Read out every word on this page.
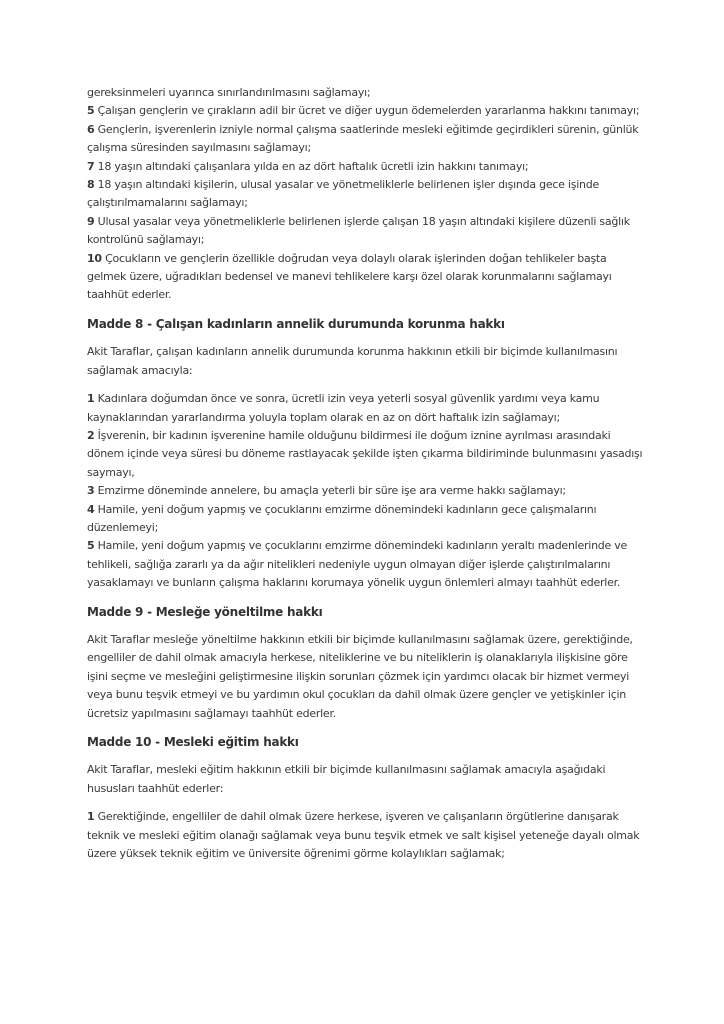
gereksinmeleri uyarınca sınırlandırılmasını sağlamayı;
5 Çalışan gençlerin ve çırakların adil bir ücret ve diğer uygun ödemelerden yararlanma hakkını tanımayı;
6 Gençlerin, işverenlerin izniyle normal çalışma saatlerinde mesleki eğitimde geçirdikleri sürenin, günlük çalışma süresinden sayılmasını sağlamayı;
7 18 yaşın altındaki çalışanlara yılda en az dört haftalık ücretli izin hakkını tanımayı;
8 18 yaşın altındaki kişilerin, ulusal yasalar ve yönetmeliklerle belirlenen işler dışında gece işinde çalıştırılmamalarını sağlamayı;
9 Ulusal yasalar veya yönetmeliklerle belirlenen işlerde çalışan 18 yaşın altındaki kişilere düzenli sağlık kontrolünü sağlamayı;
10 Çocukların ve gençlerin özellikle doğrudan veya dolaylı olarak işlerinden doğan tehlikeler başta gelmek üzere, uğradıkları bedensel ve manevi tehlikelere karşı özel olarak korunmalarını sağlamayı taahhüt ederler.
Madde 8 - Çalışan kadınların annelik durumunda korunma hakkı

Akit Taraflar, çalışan kadınların annelik durumunda korunma hakkının etkili bir biçimde kullanılmasını sağlamak amacıyla:

1 Kadınlara doğumdan önce ve sonra, ücretli izin veya yeterli sosyal güvenlik yardımı veya kamu kaynaklarından yararlandırma yoluyla toplam olarak en az on dört haftalık izin sağlamayı;
2 İşverenin, bir kadının işverenine hamile olduğunu bildirmesi ile doğum iznine ayrılması arasındaki dönem içinde veya süresi bu döneme rastlayacak şekilde işten çıkarma bildiriminde bulunmasını yasadışı saymayı,
3 Emzirme döneminde annelere, bu amaçla yeterli bir süre işe ara verme hakkı sağlamayı;
4 Hamile, yeni doğum yapmış ve çocuklarını emzirme dönemindeki kadınların gece çalışmalarını düzenlemeyi;
5 Hamile, yeni doğum yapmış ve çocuklarını emzirme dönemindeki kadınların yeraltı madenlerinde ve tehlikeli, sağlığa zararlı ya da ağır nitelikleri nedeniyle uygun olmayan diğer işlerde çalıştırılmalarını yasaklamayı ve bunların çalışma haklarını korumaya yönelik uygun önlemleri almayı taahhüt ederler.
Madde 9 - Mesleğe yöneltilme hakkı

Akit Taraflar mesleğe yöneltilme hakkının etkili bir biçimde kullanılmasını sağlamak üzere, gerektiğinde, engelliler de dahil olmak amacıyla herkese, niteliklerine ve bu niteliklerin iş olanaklarıyla ilişkisine göre işini seçme ve mesleğini geliştirmesine ilişkin sorunları çözmek için yardımcı olacak bir hizmet vermeyi veya bunu teşvik etmeyi ve bu yardımın okul çocukları da dahil olmak üzere gençler ve yetişkinler için ücretsiz yapılmasını sağlamayı taahhüt ederler.

Madde 10 - Mesleki eğitim hakkı

Akit Taraflar, mesleki eğitim hakkının etkili bir biçimde kullanılmasını sağlamak amacıyla aşağıdaki hususları taahhüt ederler:

1 Gerektiğinde, engelliler de dahil olmak üzere herkese, işveren ve çalışanların örgütlerine danışarak teknik ve mesleki eğitim olanağı sağlamak veya bunu teşvik etmek ve salt kişisel yeteneğe dayalı olmak üzere yüksek teknik eğitim ve üniversite öğrenimi görme kolaylıkları sağlamak;
